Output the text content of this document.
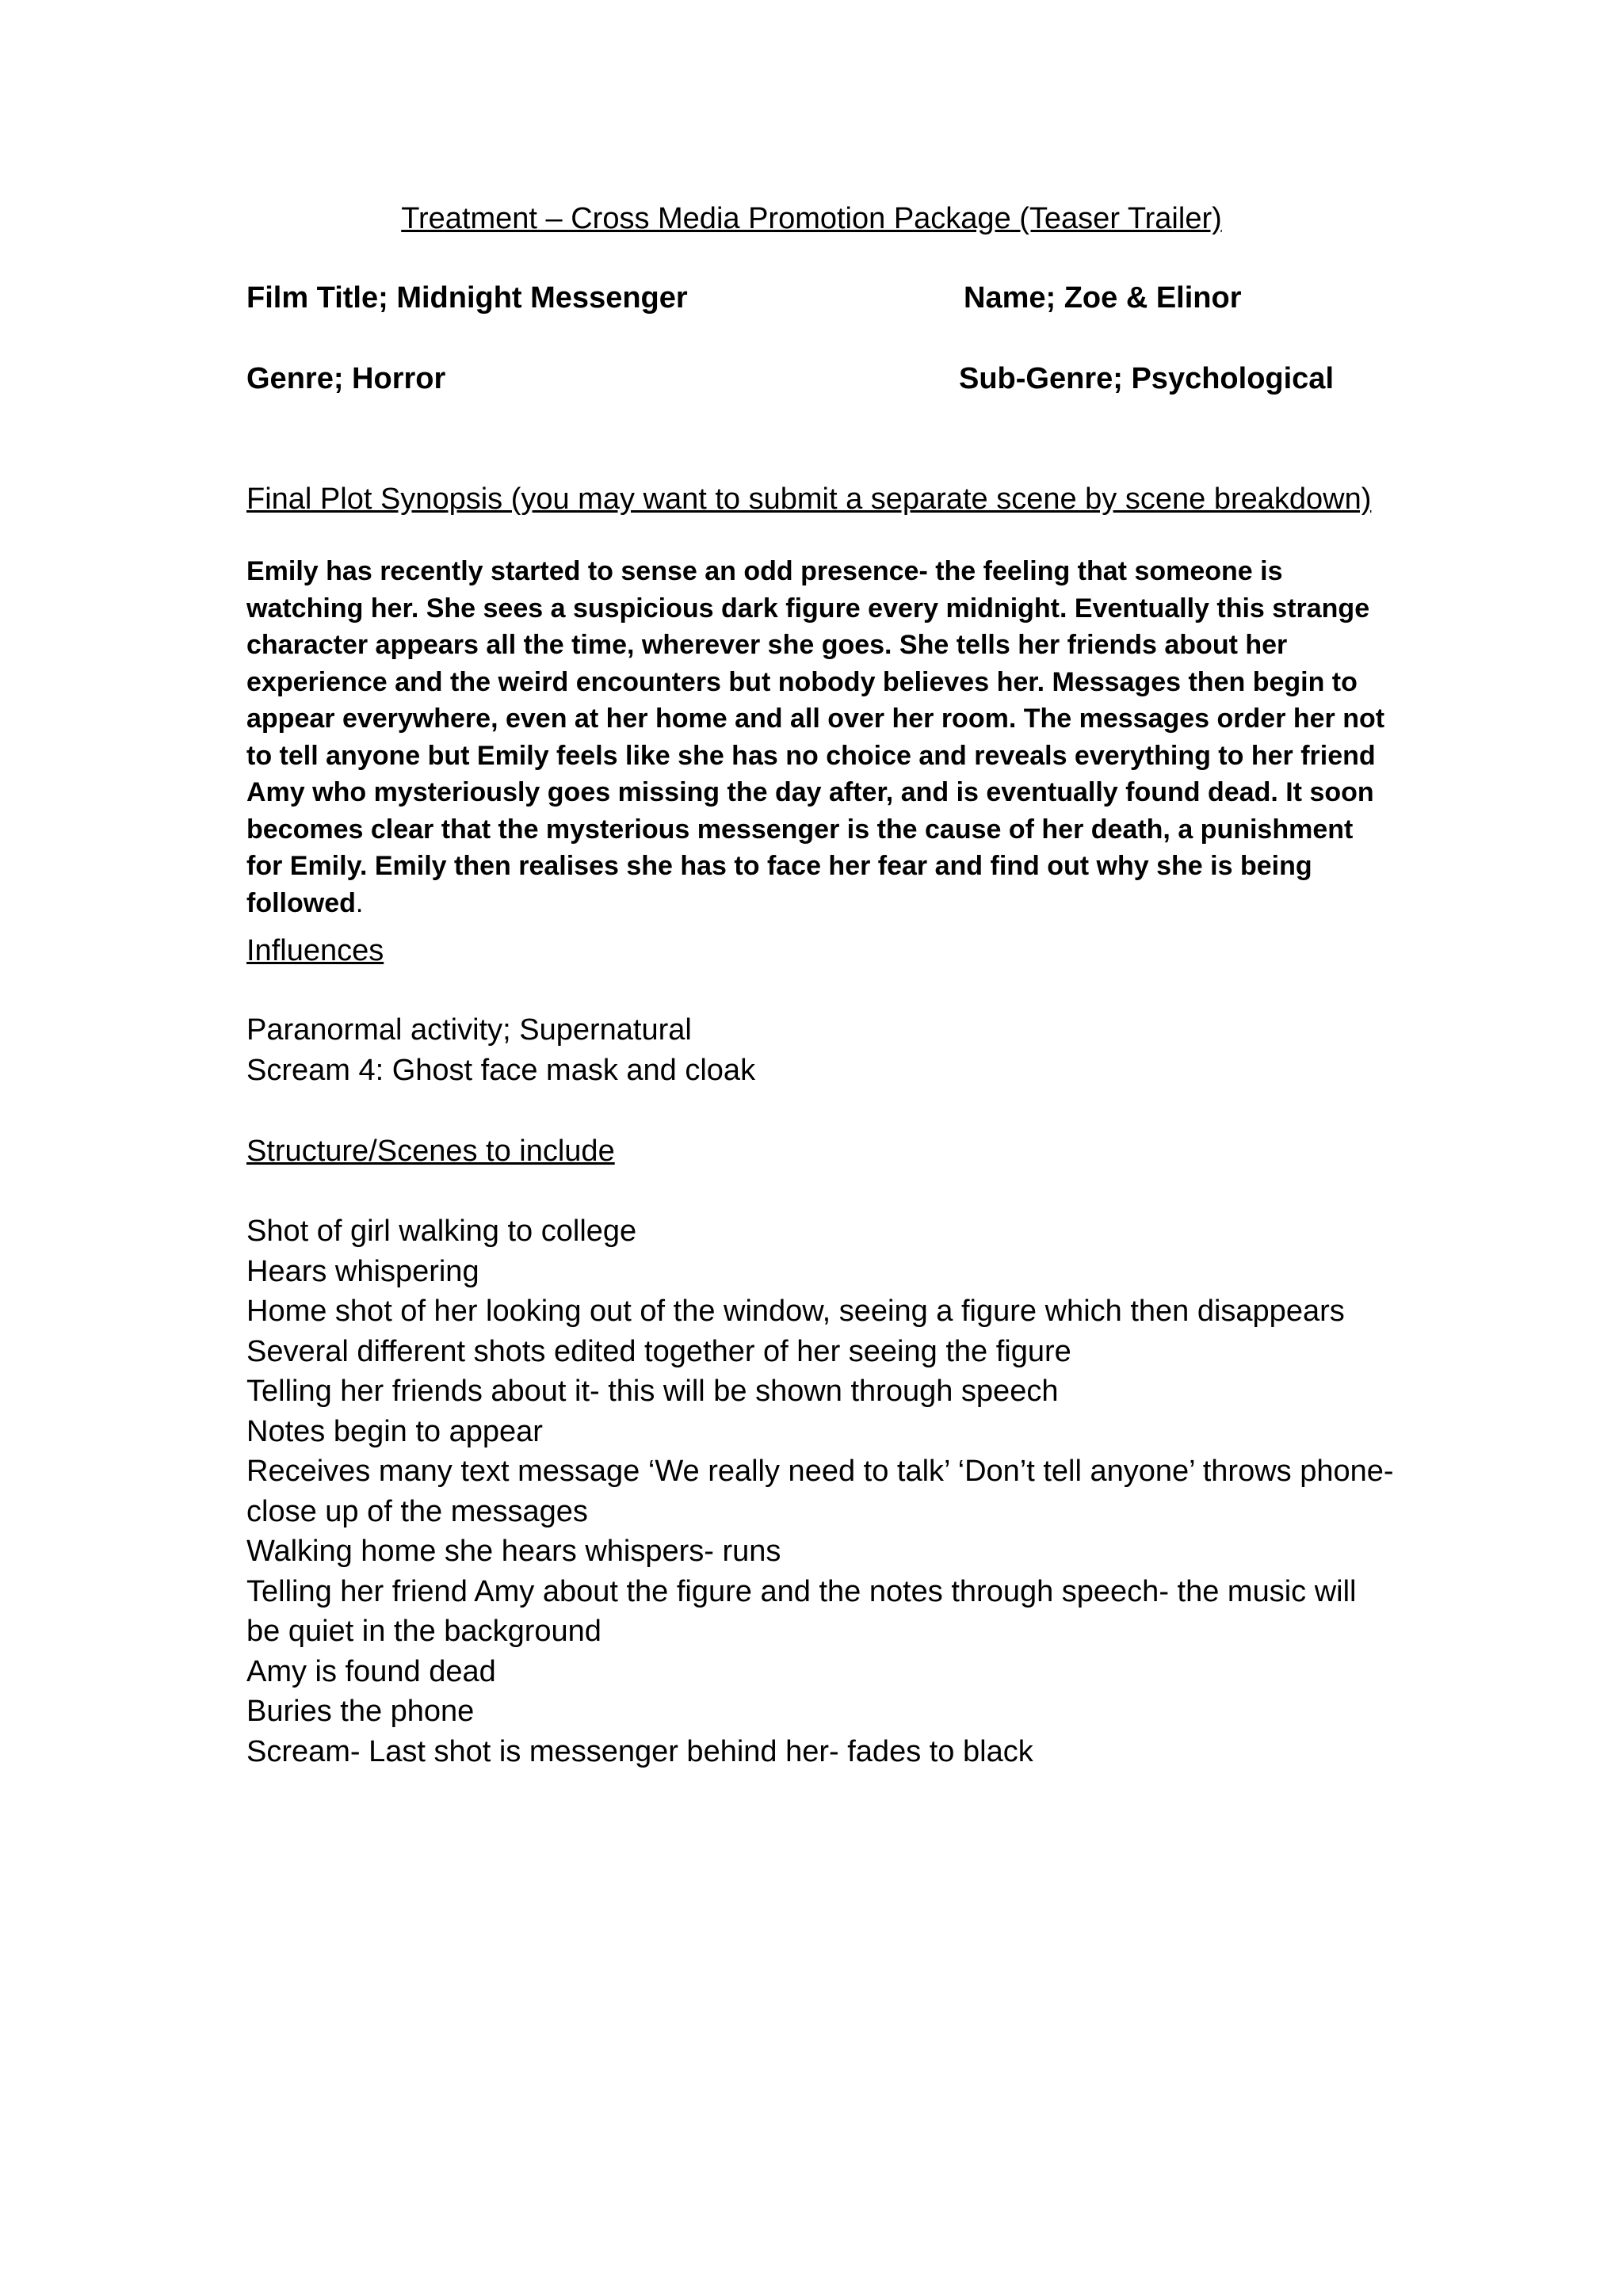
Treatment – Cross Media Promotion Package (Teaser Trailer)
Film Title; Midnight Messenger	Name; Zoe & Elinor
Genre; Horror	Sub-Genre; Psychological
Final Plot Synopsis (you may want to submit a separate scene by scene breakdown)
Emily has recently started to sense an odd presence- the feeling that someone is watching her. She sees a suspicious dark figure every midnight. Eventually this strange character appears all the time, wherever she goes. She tells her friends about her experience and the weird encounters but nobody believes her. Messages then begin to appear everywhere, even at her home and all over her room. The messages order her not to tell anyone but Emily feels like she has no choice and reveals everything to her friend Amy who mysteriously goes missing the day after, and is eventually found dead. It soon becomes clear that the mysterious messenger is the cause of her death, a punishment for Emily. Emily then realises she has to face her fear and find out why she is being followed.
Influences
Paranormal activity; Supernatural
Scream 4: Ghost face mask and cloak
Structure/Scenes to include
Shot of girl walking to college
Hears whispering
Home shot of her looking out of the window, seeing a figure which then disappears
Several different shots edited together of her seeing the figure
Telling her friends about it- this will be shown through speech
Notes begin to appear
Receives many text message ‘We really need to talk’ ‘Don’t tell anyone’ throws phone- close up of the messages
Walking home she hears whispers- runs
Telling her friend Amy about the figure and the notes through speech- the music will be quiet in the background
Amy is found dead
Buries the phone
Scream- Last shot is messenger behind her- fades to black
